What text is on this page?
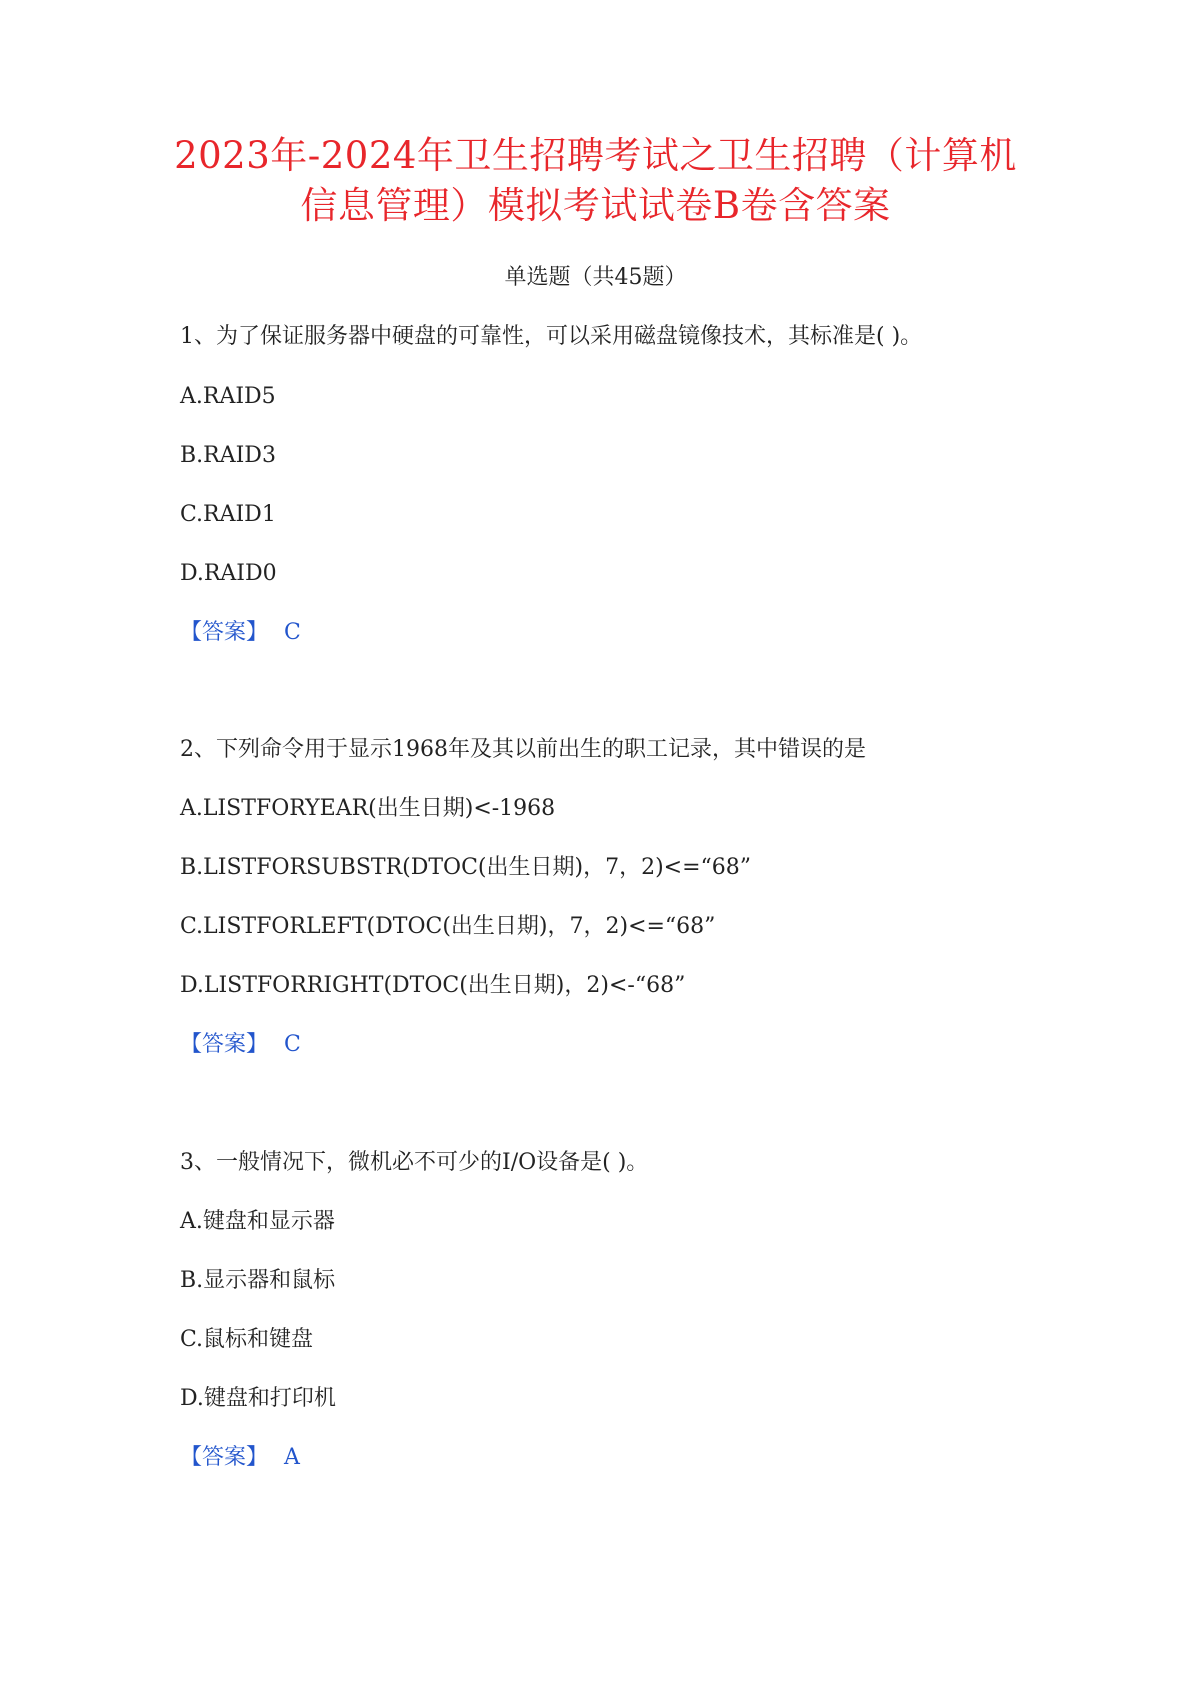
2023年-2024年卫生招聘考试之卫生招聘（计算机
信息管理）模拟考试试卷B卷含答案
单选题（共45题）
1、为了保证服务器中硬盘的可靠性，可以采用磁盘镜像技术，其标准是( )。
A.RAID5
B.RAID3
C.RAID1
D.RAID0
【答案】 C
2、下列命令用于显示1968年及其以前出生的职工记录，其中错误的是
A.LISTFORYEAR(出生日期)<-1968
B.LISTFORSUBSTR(DTOC(出生日期)，7，2)<=“68”
C.LISTFORLEFT(DTOC(出生日期)，7，2)<=“68”
D.LISTFORRIGHT(DTOC(出生日期)，2)<-“68”
【答案】 C
3、一般情况下，微机必不可少的I/O设备是( )。
A.键盘和显示器
B.显示器和鼠标
C.鼠标和键盘
D.键盘和打印机
【答案】 A
